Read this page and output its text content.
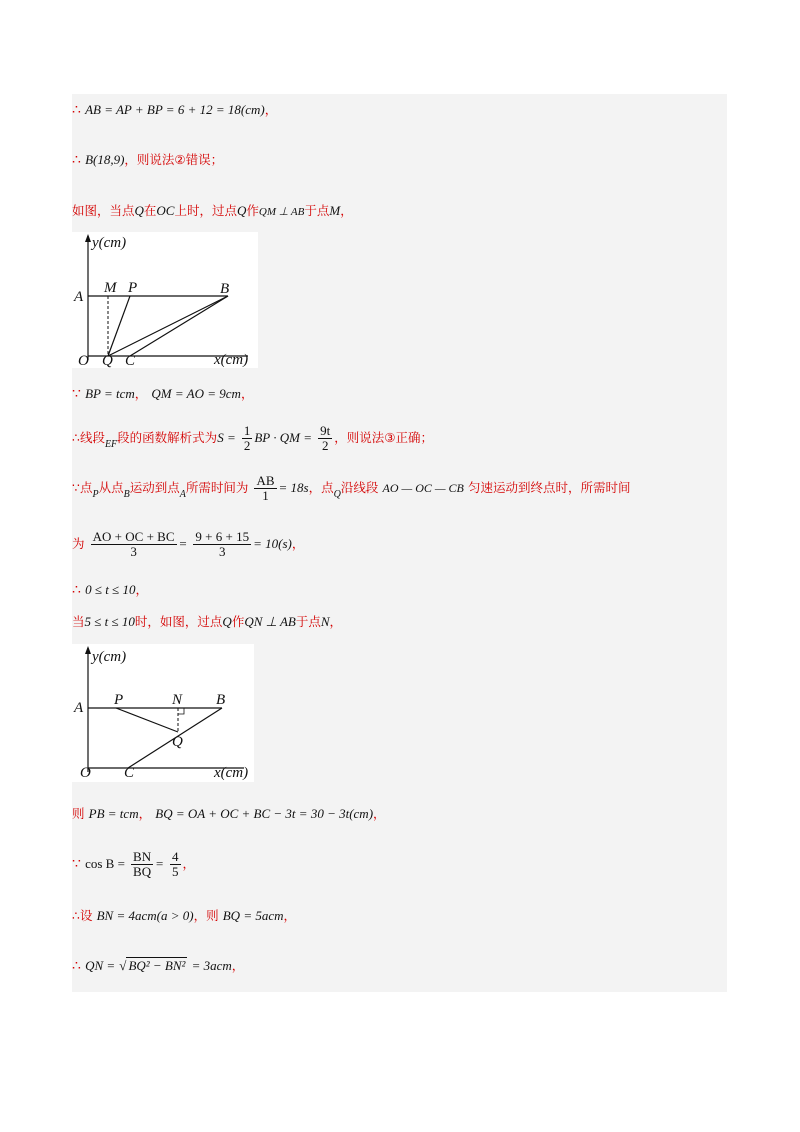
∴ AB = AP + BP = 6 + 12 = 18(cm)，
∴ B(18,9)，则说法②错误；
如图，当点Q在OC上时，过点Q作QM ⊥ AB于点M，
y(cm)
x(cm)
A
M P	B
O Q C
∵ BP = tcm， QM = AO = 9cm，
∴线段$_{EF}$段的函数解析式为$S = \frac{1}{2}$ BP · QM = $\frac{9t}{2}$ ，则说法③正确；
∵点$_P$从点$_B$运动到点$_A$所需时间为 $\frac{AB}{1} = 18s$，点$_Q$沿线段 AO — OC — CB 匀速运动到终点时，所需时间
为 $\frac{AO + OC + BC}{3} = \frac{9 + 6 + 15}{3} = 10(s)$，
∴ 0 ≤ t ≤ 10，
当5 ≤ t ≤ 10时，如图，过点Q作QN ⊥ AB于点N，
y(cm)
x(cm)
A P	N B
Q
O C
则 PB = tcm， BQ = OA + OC + BC − 3t = 30 − 3t(cm)，
∵ $\cos B = \frac{BN}{BQ} = \frac{4}{5}$ ，
∴设 BN = 4acm(a > 0)，则 BQ = 5acm，
∴ QN = √ BQ² − BN² = 3acm，
